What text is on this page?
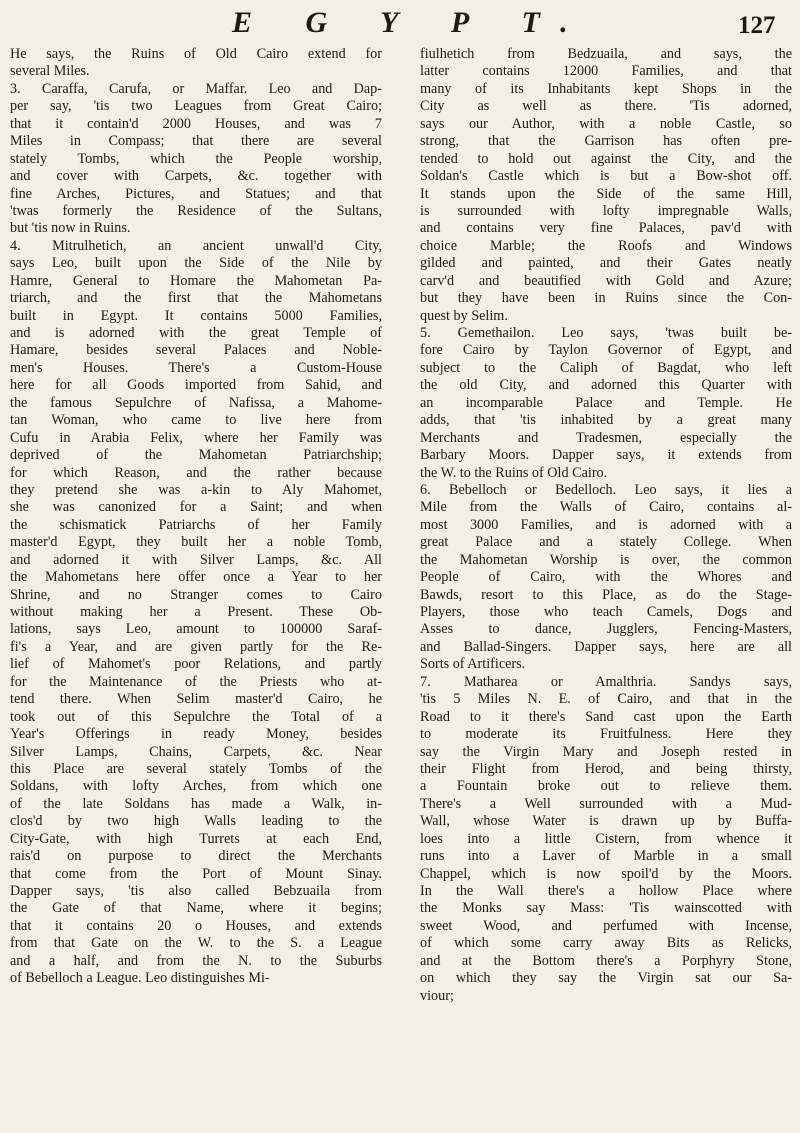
E G Y P T.	127
He says, the Ruins of Old Cairo extend for
several Miles.
3. Caraffa, Carufa, or Maffar. Leo and Dap-
per say, 'tis two Leagues from Great Cairo;
that it contain'd 2000 Houses, and was 7
Miles in Compass; that there are several
stately Tombs, which the People worship,
and cover with Carpets, &c. together with
fine Arches, Pictures, and Statues; and that
'twas formerly the Residence of the Sultans,
but 'tis now in Ruins.
4. Mitrulhetich, an ancient unwall'd City,
says Leo, built upon the Side of the Nile by
Hamre, General to Homare the Mahometan Pa-
triarch, and the first that the Mahometans
built in Egypt. It contains 5000 Families,
and is adorned with the great Temple of
Hamare, besides several Palaces and Noble-
men's Houses. There's a Custom-House
here for all Goods imported from Sahid, and
the famous Sepulchre of Nafissa, a Mahome-
tan Woman, who came to live here from
Cufu in Arabia Felix, where her Family was
deprived of the Mahometan Patriarchship;
for which Reason, and the rather because
they pretend she was a-kin to Aly Mahomet,
she was canonized for a Saint; and when
the schismatick Patriarchs of her Family
master'd Egypt, they built her a noble Tomb,
and adorned it with Silver Lamps, &c. All
the Mahometans here offer once a Year to her
Shrine, and no Stranger comes to Cairo
without making her a Present. These Ob-
lations, says Leo, amount to 100000 Saraf-
fi's a Year, and are given partly for the Re-
lief of Mahomet's poor Relations, and partly
for the Maintenance of the Priests who at-
tend there. When Selim master'd Cairo, he
took out of this Sepulchre the Total of a
Year's Offerings in ready Money, besides
Silver Lamps, Chains, Carpets, &c. Near
this Place are several stately Tombs of the
Soldans, with lofty Arches, from which one
of the late Soldans has made a Walk, in-
clos'd by two high Walls leading to the
City-Gate, with high Turrets at each End,
rais'd on purpose to direct the Merchants
that come from the Port of Mount Sinay.
Dapper says, 'tis also called Bebzuaila from
the Gate of that Name, where it begins;
that it contains 20 o Houses, and extends
from that Gate on the W. to the S. a League
and a half, and from the N. to the Suburbs
of Bebelloch a League. Leo distinguishes Mi-
fiulhetich from Bedzuaila, and says, the
latter contains 12000 Families, and that
many of its Inhabitants kept Shops in the
City as well as there. 'Tis adorned,
says our Author, with a noble Castle, so
strong, that the Garrison has often pre-
tended to hold out against the City, and the
Soldan's Castle which is but a Bow-shot off.
It stands upon the Side of the same Hill,
is surrounded with lofty impregnable Walls,
and contains very fine Palaces, pav'd with
choice Marble; the Roofs and Windows
gilded and painted, and their Gates neatly
carv'd and beautified with Gold and Azure;
but they have been in Ruins since the Con-
quest by Selim.
5. Gemethailon. Leo says, 'twas built be-
fore Cairo by Taylon Governor of Egypt, and
subject to the Caliph of Bagdat, who left
the old City, and adorned this Quarter with
an incomparable Palace and Temple. He
adds, that 'tis inhabited by a great many
Merchants and Tradesmen, especially the
Barbary Moors. Dapper says, it extends from
the W. to the Ruins of Old Cairo.
6. Bebelloch or Bedelloch. Leo says, it lies a
Mile from the Walls of Cairo, contains al-
most 3000 Families, and is adorned with a
great Palace and a stately College. When
the Mahometan Worship is over, the common
People of Cairo, with the Whores and
Bawds, resort to this Place, as do the Stage-
Players, those who teach Camels, Dogs and
Asses to dance, Jugglers, Fencing-Masters,
and Ballad-Singers. Dapper says, here are all
Sorts of Artificers.
7. Matharea or Amalthria. Sandys says,
'tis 5 Miles N. E. of Cairo, and that in the
Road to it there's Sand cast upon the Earth
to moderate its Fruitfulness. Here they
say the Virgin Mary and Joseph rested in
their Flight from Herod, and being thirsty,
a Fountain broke out to relieve them.
There's a Well surrounded with a Mud-
Wall, whose Water is drawn up by Buffa-
loes into a little Cistern, from whence it
runs into a Laver of Marble in a small
Chappel, which is now spoil'd by the Moors.
In the Wall there's a hollow Place where
the Monks say Mass: 'Tis wainscotted with
sweet Wood, and perfumed with Incense,
of which some carry away Bits as Relicks,
and at the Bottom there's a Porphyry Stone,
on which they say the Virgin sat our Sa-
viour;
